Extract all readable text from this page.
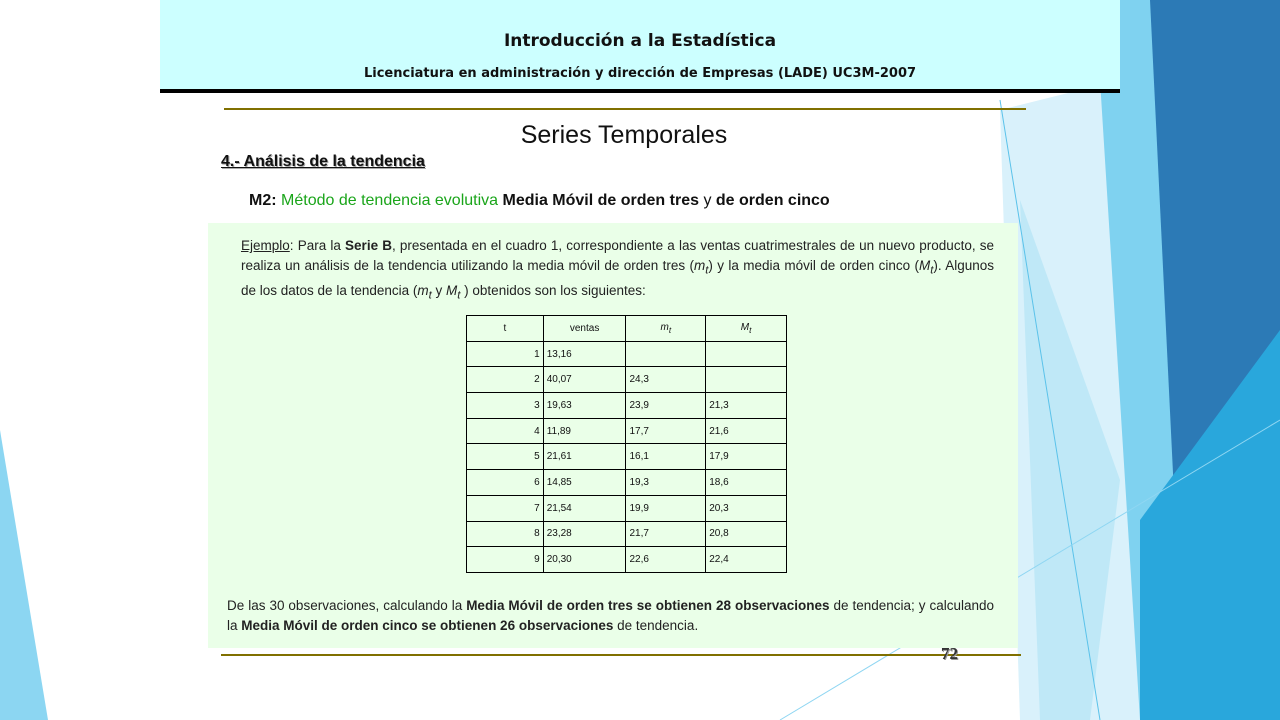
Introducción a la Estadística
Licenciatura en administración y dirección de Empresas (LADE) UC3M-2007
Series Temporales
4.- Análisis de la tendencia
M2: Método de tendencia evolutiva Media Móvil de orden tres y de orden cinco
Ejemplo: Para la Serie B, presentada en el cuadro 1, correspondiente a las ventas cuatrimestrales de un nuevo producto, se realiza un análisis de la tendencia utilizando la media móvil de orden tres $(m_t)$ y la media móvil de orden cinco $(M_t)$. Algunos de los datos de la tendencia ($m_t$ y $M_t$ ) obtenidos son los siguientes:
t	ventas	$m_t$	$M_t$
1	13,16		
2	40,07	24,3	
3	19,63	23,9	21,3
4	11,89	17,7	21,6
5	21,61	16,1	17,9
6	14,85	19,3	18,6
7	21,54	19,9	20,3
8	23,28	21,7	20,8
9	20,30	22,6	22,4
De las 30 observaciones, calculando la Media Móvil de orden tres se obtienen 28 observaciones de tendencia; y calculando la Media Móvil de orden cinco se obtienen 26 observaciones de tendencia.
72
